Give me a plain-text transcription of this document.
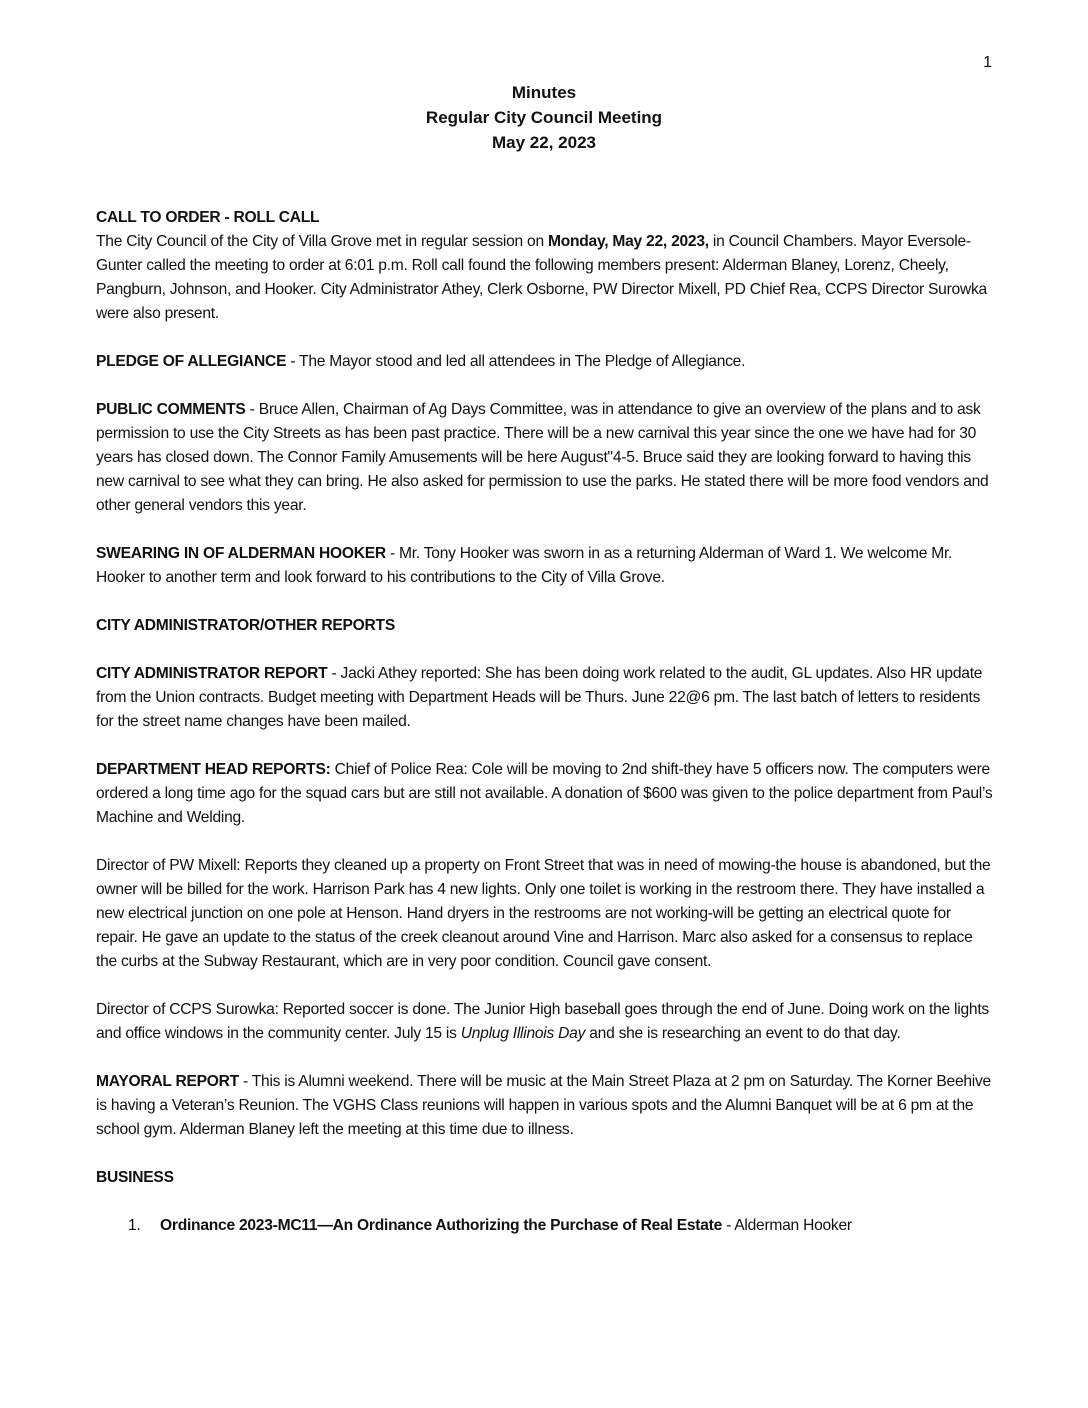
1
Minutes
Regular City Council Meeting
May 22, 2023

CALL TO ORDER - ROLL CALL

The City Council of the City of Villa Grove met in regular session on Monday, May 22, 2023, in Council Chambers. Mayor Eversole-Gunter called the meeting to order at 6:01 p.m. Roll call found the following members present: Alderman Blaney, Lorenz, Cheely, Pangburn, Johnson, and Hooker. City Administrator Athey, Clerk Osborne, PW Director Mixell, PD Chief Rea, CCPS Director Surowka were also present.

PLEDGE OF ALLEGIANCE - The Mayor stood and led all attendees in The Pledge of Allegiance.

PUBLIC COMMENTS - Bruce Allen, Chairman of Ag Days Committee, was in attendance to give an overview of the plans and to ask permission to use the City Streets as has been past practice. There will be a new carnival this year since the one we have had for 30 years has closed down. The Connor Family Amusements will be here August"4-5. Bruce said they are looking forward to having this new carnival to see what they can bring. He also asked for permission to use the parks. He stated there will be more food vendors and other general vendors this year.

SWEARING IN OF ALDERMAN HOOKER - Mr. Tony Hooker was sworn in as a returning Alderman of Ward 1. We welcome Mr. Hooker to another term and look forward to his contributions to the City of Villa Grove.

CITY ADMINISTRATOR/OTHER REPORTS

CITY ADMINISTRATOR REPORT - Jacki Athey reported: She has been doing work related to the audit, GL updates. Also HR update from the Union contracts. Budget meeting with Department Heads will be Thurs. June 22@6 pm. The last batch of letters to residents for the street name changes have been mailed.

DEPARTMENT HEAD REPORTS: Chief of Police Rea: Cole will be moving to 2nd shift-they have 5 officers now. The computers were ordered a long time ago for the squad cars but are still not available. A donation of $600 was given to the police department from Paul’s Machine and Welding.

Director of PW Mixell: Reports they cleaned up a property on Front Street that was in need of mowing-the house is abandoned, but the owner will be billed for the work. Harrison Park has 4 new lights. Only one toilet is working in the restroom there. They have installed a new electrical junction on one pole at Henson. Hand dryers in the restrooms are not working-will be getting an electrical quote for repair. He gave an update to the status of the creek cleanout around Vine and Harrison. Marc also asked for a consensus to replace the curbs at the Subway Restaurant, which are in very poor condition. Council gave consent.

Director of CCPS Surowka: Reported soccer is done. The Junior High baseball goes through the end of June. Doing work on the lights and office windows in the community center. July 15 is Unplug Illinois Day and she is researching an event to do that day.

MAYORAL REPORT - This is Alumni weekend. There will be music at the Main Street Plaza at 2 pm on Saturday. The Korner Beehive is having a Veteran’s Reunion. The VGHS Class reunions will happen in various spots and the Alumni Banquet will be at 6 pm at the school gym. Alderman Blaney left the meeting at this time due to illness.

BUSINESS

1. Ordinance 2023-MC11—An Ordinance Authorizing the Purchase of Real Estate - Alderman Hooker
